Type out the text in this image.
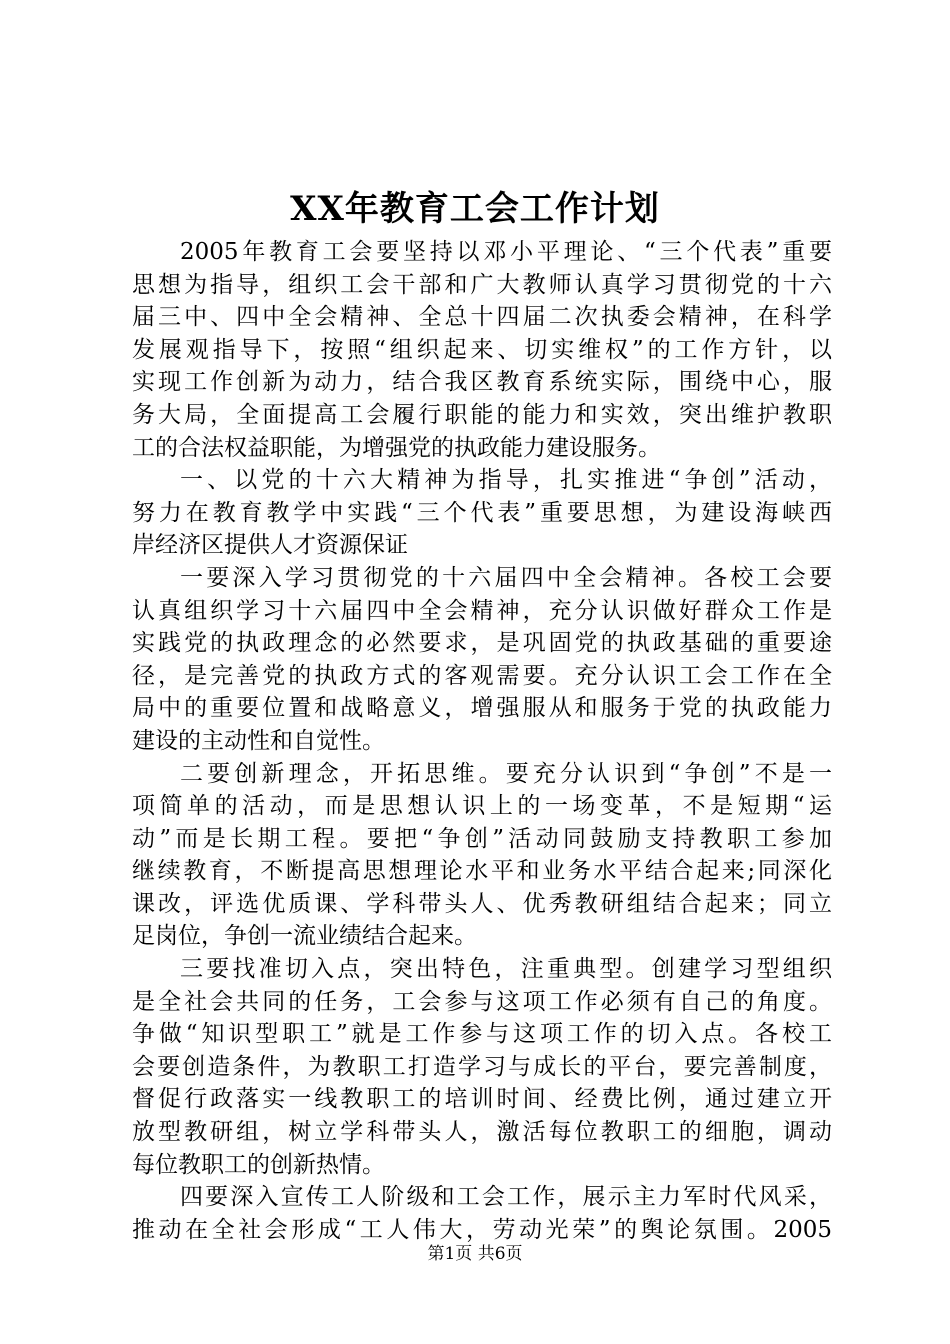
XX年教育工会工作计划
2005年教育工会要坚持以邓小平理论、“三个代表”重要
思想为指导，组织工会干部和广大教师认真学习贯彻党的十六
届三中、四中全会精神、全总十四届二次执委会精神，在科学
发展观指导下，按照“组织起来、切实维权”的工作方针，以
实现工作创新为动力，结合我区教育系统实际，围绕中心，服
务大局，全面提高工会履行职能的能力和实效，突出维护教职
工的合法权益职能，为增强党的执政能力建设服务。
一、以党的十六大精神为指导，扎实推进“争创”活动，
努力在教育教学中实践“三个代表”重要思想，为建设海峡西
岸经济区提供人才资源保证
一要深入学习贯彻党的十六届四中全会精神。各校工会要
认真组织学习十六届四中全会精神，充分认识做好群众工作是
实践党的执政理念的必然要求，是巩固党的执政基础的重要途
径，是完善党的执政方式的客观需要。充分认识工会工作在全
局中的重要位置和战略意义，增强服从和服务于党的执政能力
建设的主动性和自觉性。
二要创新理念，开拓思维。要充分认识到“争创”不是一
项简单的活动，而是思想认识上的一场变革，不是短期“运
动”而是长期工程。要把“争创”活动同鼓励支持教职工参加
继续教育，不断提高思想理论水平和业务水平结合起来;同深化
课改，评选优质课、学科带头人、优秀教研组结合起来；同立
足岗位，争创一流业绩结合起来。
三要找准切入点，突出特色，注重典型。创建学习型组织
是全社会共同的任务，工会参与这项工作必须有自己的角度。
争做“知识型职工”就是工作参与这项工作的切入点。各校工
会要创造条件，为教职工打造学习与成长的平台，要完善制度，
督促行政落实一线教职工的培训时间、经费比例，通过建立开
放型教研组，树立学科带头人，激活每位教职工的细胞，调动
每位教职工的创新热情。
四要深入宣传工人阶级和工会工作，展示主力军时代风采，
推动在全社会形成“工人伟大，劳动光荣”的舆论氛围。2005
第1页 共6页
